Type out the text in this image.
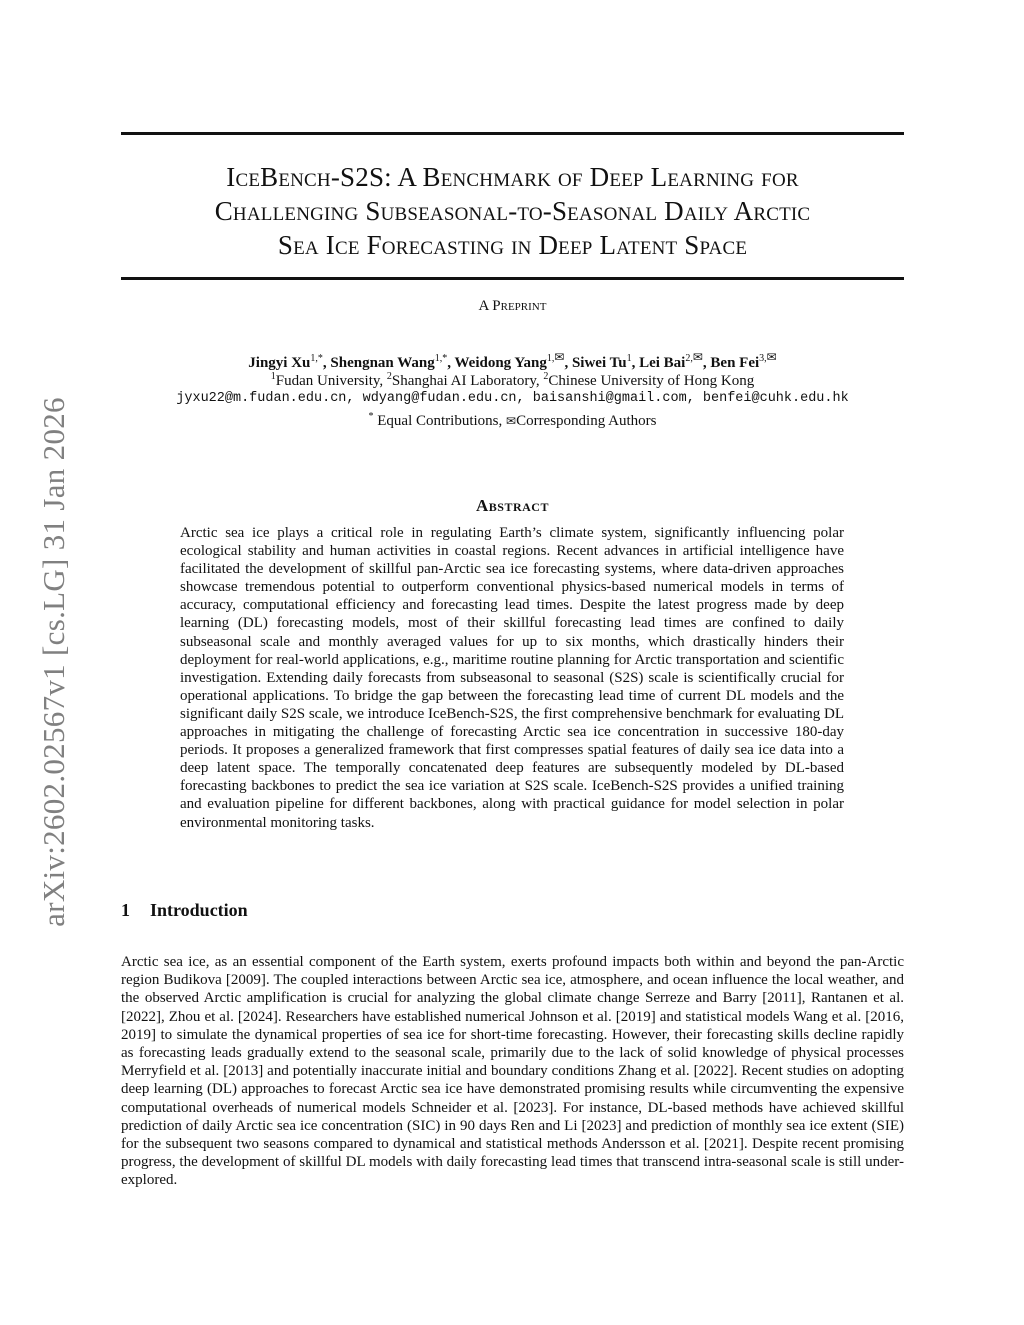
arXiv:2602.02567v1 [cs.LG] 31 Jan 2026
IceBench-S2S: A Benchmark of Deep Learning for
Challenging Subseasonal-to-Seasonal Daily Arctic
Sea Ice Forecasting in Deep Latent Space
A Preprint
Jingyi $Xu^{1,*}$, Shengnan Wang$^{1,*}$, Weidong Yang$^{1,✉}$, Siwei Tu$^1$, Lei Bai$^{2,✉}$, Ben Fei$^{3,✉}$
$^1$Fudan University, $^2$Shanghai AI Laboratory, $^2$Chinese University of Hong Kong
jyxu22@m.fudan.edu.cn, wdyang@fudan.edu.cn, baisanshi@gmail.com, benfei@cuhk.edu.hk
* Equal Contributions, ✉Corresponding Authors
Abstract
Arctic sea ice plays a critical role in regulating Earth’s climate system, significantly influencing polar ecological stability and human activities in coastal regions. Recent advances in artificial intelligence have facilitated the development of skillful pan-Arctic sea ice forecasting systems, where data-driven approaches showcase tremendous potential to outperform conventional physics-based numerical models in terms of accuracy, computational efficiency and forecasting lead times. Despite the latest progress made by deep learning (DL) forecasting models, most of their skillful forecasting lead times are confined to daily subseasonal scale and monthly averaged values for up to six months, which drastically hinders their deployment for real-world applications, e.g., maritime routine planning for Arctic transportation and scientific investigation. Extending daily forecasts from subseasonal to seasonal (S2S) scale is scientifically crucial for operational applications. To bridge the gap between the forecasting lead time of current DL models and the significant daily S2S scale, we introduce IceBench-S2S, the first comprehensive benchmark for evaluating DL approaches in mitigating the challenge of forecasting Arctic sea ice concentration in successive 180-day periods. It proposes a generalized framework that first compresses spatial features of daily sea ice data into a deep latent space. The temporally concatenated deep features are subsequently modeled by DL-based forecasting backbones to predict the sea ice variation at S2S scale. IceBench-S2S provides a unified training and evaluation pipeline for different backbones, along with practical guidance for model selection in polar environmental monitoring tasks.
1 Introduction
Arctic sea ice, as an essential component of the Earth system, exerts profound impacts both within and beyond the pan-Arctic region Budikova [2009]. The coupled interactions between Arctic sea ice, atmosphere, and ocean influence the local weather, and the observed Arctic amplification is crucial for analyzing the global climate change Serreze and Barry [2011], Rantanen et al. [2022], Zhou et al. [2024]. Researchers have established numerical Johnson et al. [2019] and statistical models Wang et al. [2016, 2019] to simulate the dynamical properties of sea ice for short-time forecasting. However, their forecasting skills decline rapidly as forecasting leads gradually extend to the seasonal scale, primarily due to the lack of solid knowledge of physical processes Merryfield et al. [2013] and potentially inaccurate initial and boundary conditions Zhang et al. [2022]. Recent studies on adopting deep learning (DL) approaches to forecast Arctic sea ice have demonstrated promising results while circumventing the expensive computational overheads of numerical models Schneider et al. [2023]. For instance, DL-based methods have achieved skillful prediction of daily Arctic sea ice concentration (SIC) in 90 days Ren and Li [2023] and prediction of monthly sea ice extent (SIE) for the subsequent two seasons compared to dynamical and statistical methods Andersson et al. [2021]. Despite recent promising progress, the development of skillful DL models with daily forecasting lead times that transcend intra-seasonal scale is still under-explored.
